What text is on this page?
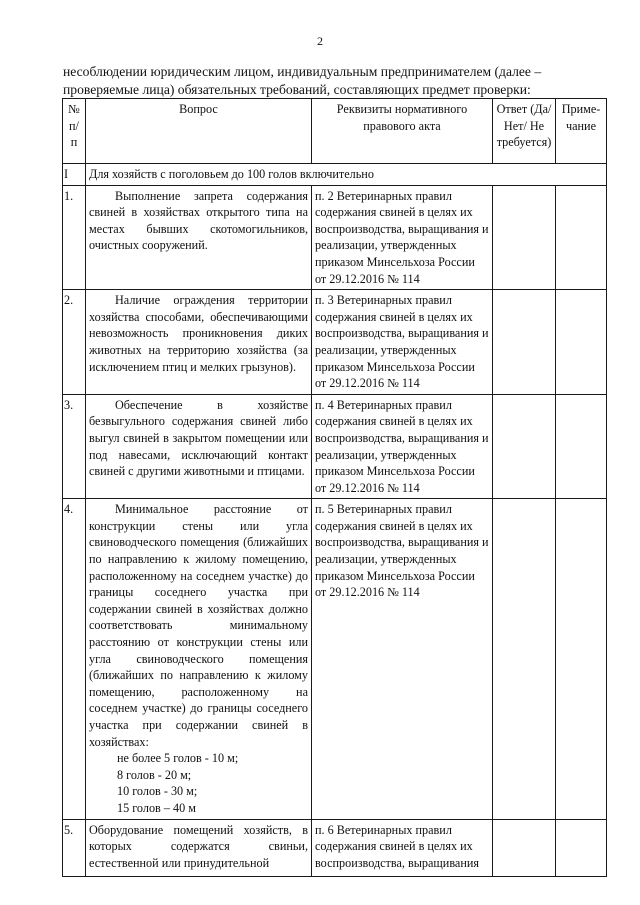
2
несоблюдении юридическим лицом, индивидуальным предпринимателем (далее –
проверяемые лица) обязательных требований, составляющих предмет проверки:
№ п/п	Вопрос	Реквизиты нормативного правового акта	Ответ (Да/ Нет/ Не требуется)	Приме-чание
I	Для хозяйств с поголовьем до 100 голов включительно			
1.	Выполнение запрета содержания свиней в хозяйствах открытого типа на местах бывших скотомогильников, очистных сооружений.	п. 2 Ветеринарных правил содержания свиней в целях их воспроизводства, выращивания и реализации, утвержденных приказом Минсельхоза России от 29.12.2016 № 114		
2.	Наличие ограждения территории хозяйства способами, обеспечивающими невозможность проникновения диких животных на территорию хозяйства (за исключением птиц и мелких грызунов).	п. 3 Ветеринарных правил содержания свиней в целях их воспроизводства, выращивания и реализации, утвержденных приказом Минсельхоза России от 29.12.2016 № 114		
3.	Обеспечение в хозяйстве безвыгульного содержания свиней либо выгул свиней в закрытом помещении или под навесами, исключающий контакт свиней с другими животными и птицами.	п. 4 Ветеринарных правил содержания свиней в целях их воспроизводства, выращивания и реализации, утвержденных приказом Минсельхоза России от 29.12.2016 № 114		
4.	Минимальное расстояние от конструкции стены или угла свиноводческого помещения (ближайших по направлению к жилому помещению, расположенному на соседнем участке) до границы соседнего участка при содержании свиней в хозяйствах должно соответствовать минимальному расстоянию от конструкции стены или угла свиноводческого помещения (ближайших по направлению к жилому помещению, расположенному на соседнем участке) до границы соседнего участка при содержании свиней в хозяйствах:
не более 5 голов - 10 м;
8 голов - 20 м;
10 голов - 30 м;
15 голов – 40 м	п. 5 Ветеринарных правил содержания свиней в целях их воспроизводства, выращивания и реализации, утвержденных приказом Минсельхоза России от 29.12.2016 № 114		
5.	Оборудование помещений хозяйств, в которых содержатся свиньи, естественной или принудительной	п. 6 Ветеринарных правил содержания свиней в целях их воспроизводства, выращивания		
